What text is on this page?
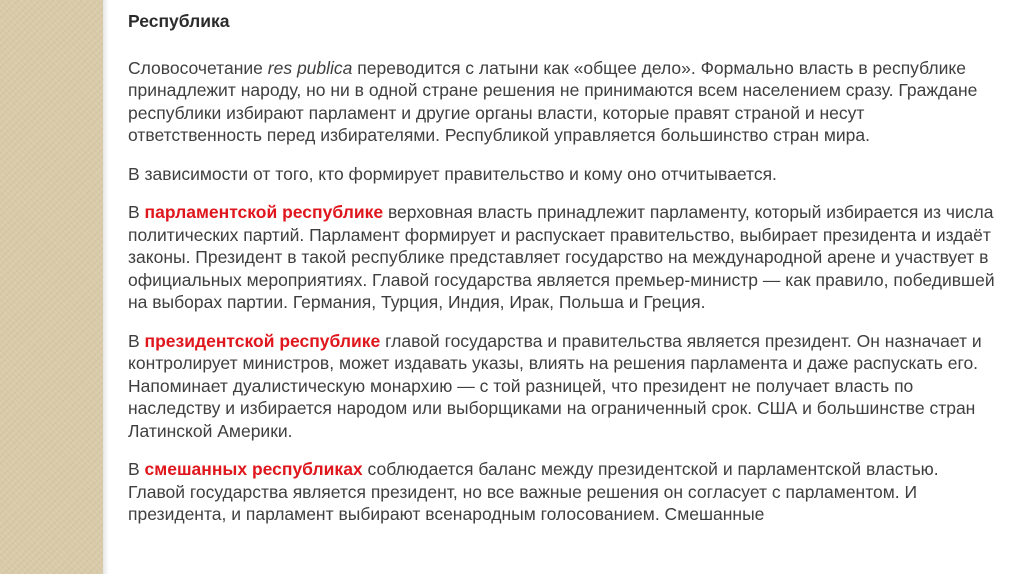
Республика

Словосочетание res publica переводится с латыни как «общее дело». Формально власть в республике принадлежит народу, но ни в одной стране решения не принимаются всем населением сразу. Граждане республики избирают парламент и другие органы власти, которые правят страной и несут ответственность перед избирателями. Республикой управляется большинство стран мира.

В зависимости от того, кто формирует правительство и кому оно отчитывается.

В парламентской республике верховная власть принадлежит парламенту, который избирается из числа политических партий. Парламент формирует и распускает правительство, выбирает президента и издаёт законы. Президент в такой республике представляет государство на международной арене и участвует в официальных мероприятиях. Главой государства является премьер-министр — как правило, победившей на выборах партии. Германия, Турция, Индия, Ирак, Польша и Греция.

В президентской республике главой государства и правительства является президент. Он назначает и контролирует министров, может издавать указы, влиять на решения парламента и даже распускать его. Напоминает дуалистическую монархию — с той разницей, что президент не получает власть по наследству и избирается народом или выборщиками на ограниченный срок. США и большинстве стран Латинской Америки.

В смешанных республиках соблюдается баланс между президентской и парламентской властью. Главой государства является президент, но все важные решения он согласует с парламентом. И президента, и парламент выбирают всенародным голосованием. Смешанные
